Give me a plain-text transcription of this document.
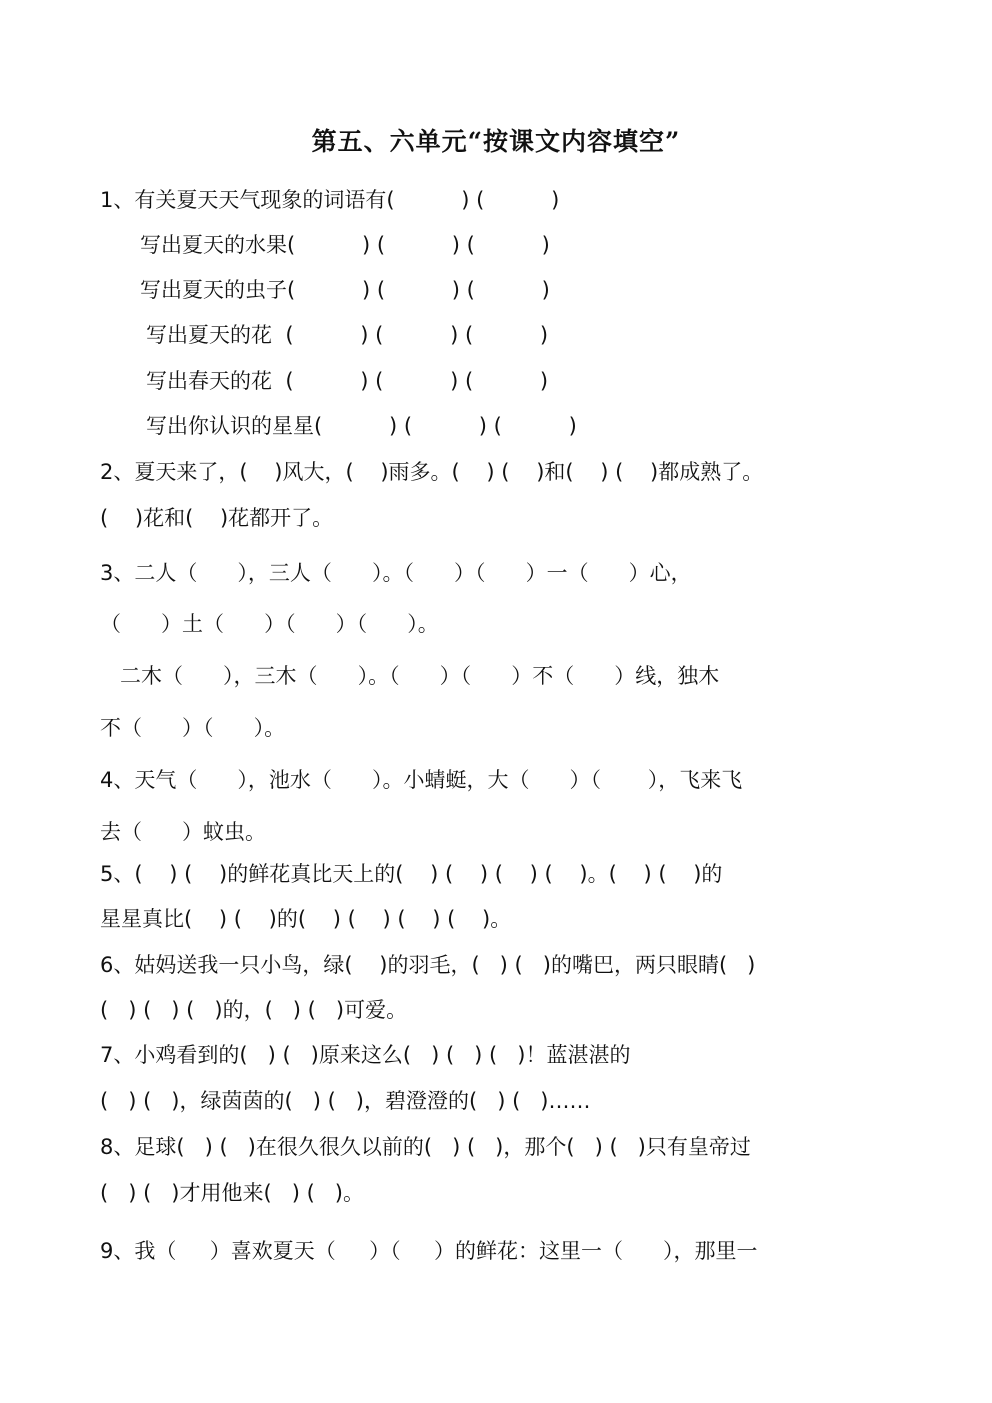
第五、六单元“按课文内容填空”
1、有关夏天天气现象的词语有(          ) (          )
写出夏天的水果(          ) (          ) (          )
写出夏天的虫子(          ) (          ) (          )
写出夏天的花  (          ) (          ) (          )
写出春天的花  (          ) (          ) (          )
写出你认识的星星(          ) (          ) (          )
2、夏天来了，(    )风大，(    )雨多。(    ) (    )和(    ) (    )都成熟了。
(    )花和(    )花都开了。
3、二人（      ），三人（      ）。（      ）（      ）一（      ）心，
（      ）土（      ）（      ）（      ）。
二木（      ），三木（      ）。（      ）（      ）不（      ）线，独木
不（      ）（      ）。
4、天气（      ），池水（      ）。小蜻蜓，大（      ）（       ），飞来飞
去（      ）蚊虫。
5、(    ) (    )的鲜花真比天上的(    ) (    ) (    ) (    )。(    ) (    )的
星星真比(    ) (    )的(    ) (    ) (    ) (    )。
6、姑妈送我一只小鸟，绿(    )的羽毛，(   ) (   )的嘴巴，两只眼睛(   )
(   ) (   ) (   )的，(   ) (   )可爱。
7、小鸡看到的(   ) (   )原来这么(   ) (   ) (   )！蓝湛湛的
(   ) (   )，绿茵茵的(   ) (   )，碧澄澄的(   ) (   )……
8、足球(   ) (   )在很久很久以前的(   ) (   )，那个(   ) (   )只有皇帝过
(   ) (   )才用他来(   ) (   )。
9、我（     ）喜欢夏天（     ）（     ）的鲜花：这里一（      ），那里一
